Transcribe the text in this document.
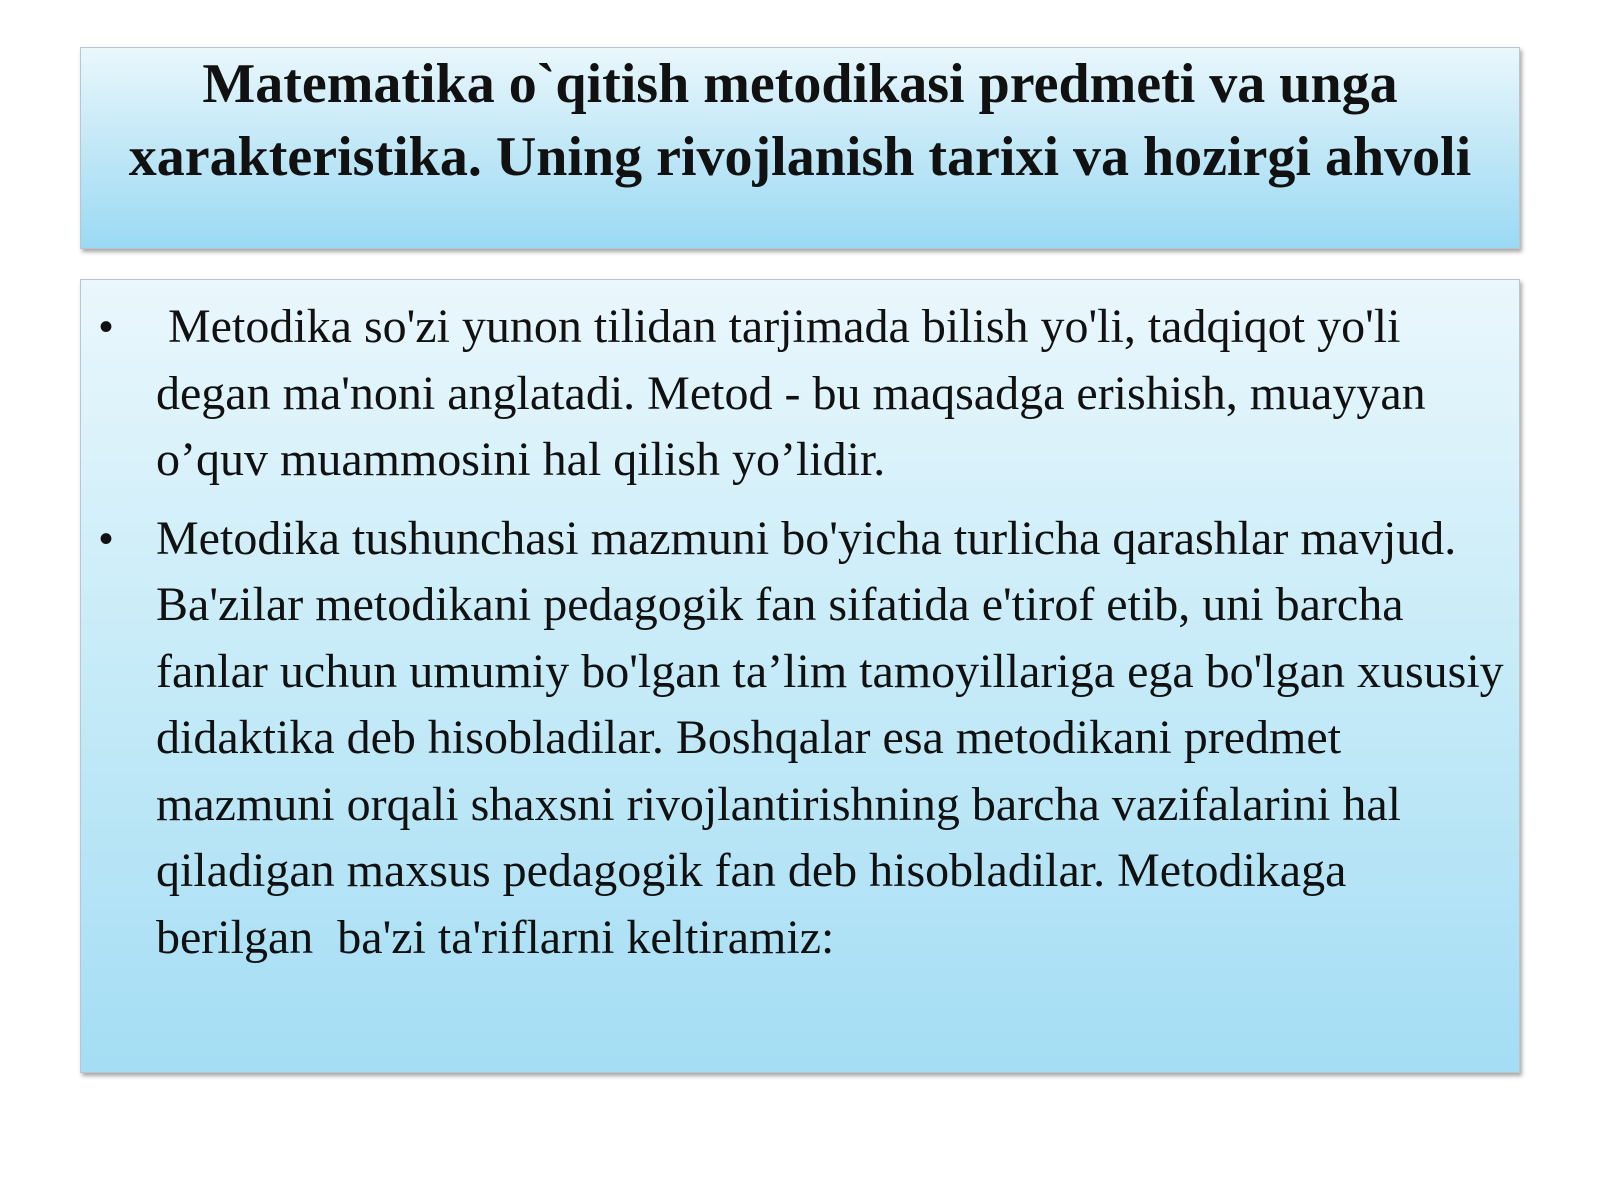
Matematika o`qitish metodikasi predmeti va unga xarakteristika. Uning rivojlanish tarixi va hozirgi ahvoli
• Metodika so'zi yunon tilidan tarjimada bilish yo'li, tadqiqot yo'li degan ma'noni anglatadi. Metod - bu maqsadga erishish, muayyan o’quv muammosini hal qilish yo’lidir.
• Metodika tushunchasi mazmuni bo'yicha turlicha qarashlar mavjud. Ba'zilar metodikani pedagogik fan sifatida e'tirof etib, uni barcha fanlar uchun umumiy bo'lgan ta’lim tamoyillariga ega bo'lgan xususiy didaktika deb hisobladilar. Boshqalar esa metodikani predmet mazmuni orqali shaxsni rivojlantirishning barcha vazifalarini hal qiladigan maxsus pedagogik fan deb hisobladilar. Metodikaga berilgan  ba'zi ta'riflarni keltiramiz:
